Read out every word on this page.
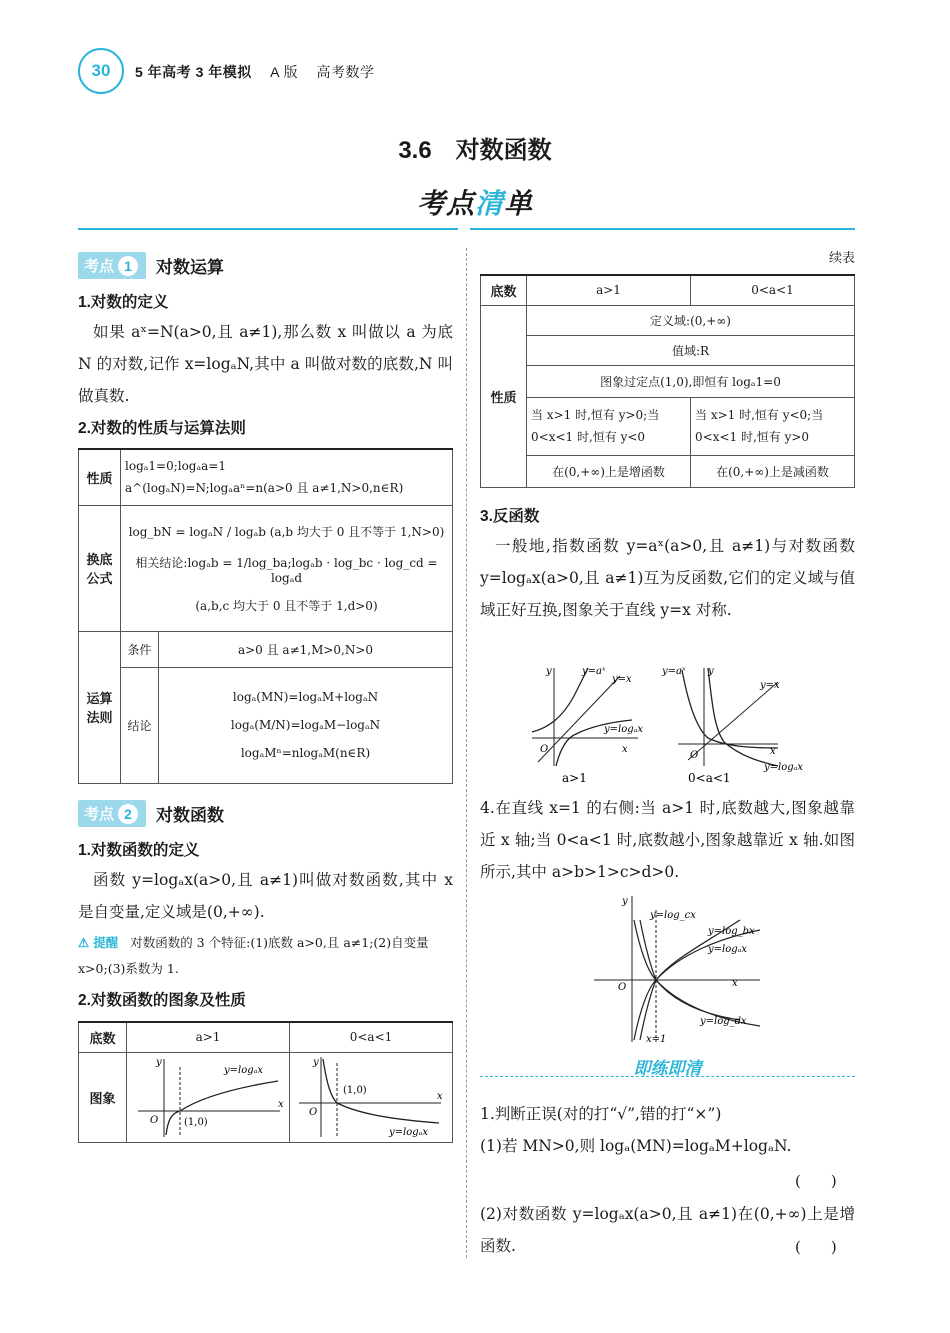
30	5 年高考 3 年模拟 A 版 高考数学
3.6　对数函数
考点清单
考点 1	对数运算
1.对数的定义
如果 aˣ=N(a>0,且 a≠1),那么数 x 叫做以 a 为底 N 的对数,记作 x=logₐN,其中 a 叫做对数的底数,N 叫做真数.
2.对数的性质与运算法则
性质	logₐ1=0;logₐa=1
a^(logₐN)=N;logₐaⁿ=n(a>0 且 a≠1,N>0,n∈R)	

换底公式	log_bN = logₐN / logₐb (a,b 均大于 0 且不等于 1,N>0)
相关结论:logₐb = 1/log_ba;logₐb · log_bc · log_cd = logₐd
(a,b,c 均大于 0 且不等于 1,d>0)	

运算法则	条件	a>0 且 a≠1,M>0,N>0
	结论	logₐ(MN)=logₐM+logₐN
logₐ(M/N)=logₐM−logₐN
logₐMⁿ=nlogₐM(n∈R)
考点 2	对数函数
1.对数函数的定义
函数 y=logₐx(a>0,且 a≠1)叫做对数函数,其中 x 是自变量,定义域是(0,+∞).
⚠ 提醒 对数函数的 3 个特征:(1)底数 a>0,且 a≠1;(2)自变量 x>0;(3)系数为 1.
2.对数函数的图象及性质
底数	a>1	0<a<1
图象	y
x
O (1,0)
y=logₐx	y
x
O
(1,0)
y=logₐx
续表
底数	a>1	0<a<1
性质	定义域:(0,+∞)	
	值域:R	
	图象过定点(1,0),即恒有 logₐ1=0	
	当 x>1 时,恒有 y>0;当 0<x<1 时,恒有 y<0	当 x>1 时,恒有 y<0;当 0<x<1 时,恒有 y>0
	在(0,+∞)上是增函数	在(0,+∞)上是减函数
3.反函数
一般地,指数函数 y=aˣ(a>0,且 a≠1)与对数函数 y=logₐx(a>0,且 a≠1)互为反函数,它们的定义域与值域正好互换,图象关于直线 y=x 对称.
y	y=aˣ
y=x
y=logₐx
O	x
a>1
y=aˣ y
y=x
x
y=logₐx
O
0<a<1
4.在直线 x=1 的右侧:当 a>1 时,底数越大,图象越靠近 x 轴;当 0<a<1 时,底数越小,图象越靠近 x 轴.如图所示,其中 a>b>1>c>d>0.
y
y=log_cx
y=log_bx
y=logₐx
O	x
y=log_dx
x=1
即练即清
1.判断正误(对的打“√”,错的打“×”)
(1)若 MN>0,则 logₐ(MN)=logₐM+logₐN.
(　　)
(2)对数函数 y=logₐx(a>0,且 a≠1)在(0,+∞)上是增函数.	(　　)
